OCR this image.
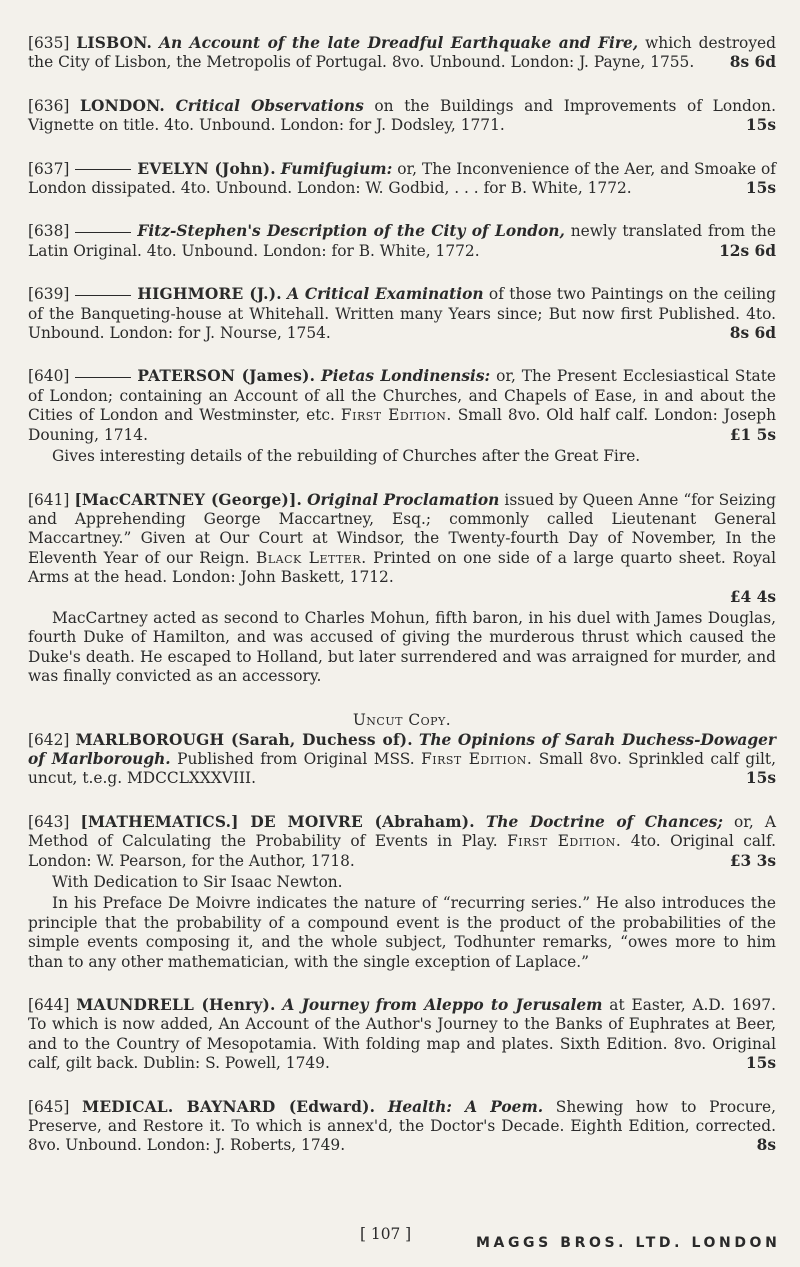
[635] LISBON. An Account of the late Dreadful Earthquake and Fire, which destroyed the City of Lisbon, the Metropolis of Portugal. 8vo. Unbound. London: J. Payne, 1755. 8s 6d
[636] LONDON. Critical Observations on the Buildings and Improvements of London. Vignette on title. 4to. Unbound. London: for J. Dodsley, 1771.	15s
[637]	EVELYN (John). Fumifugium: or, The Inconvenience of the Aer, and Smoake of London dissipated. 4to. Unbound. London: W. Godbid, . . . for B. White, 1772.	15s
[638]	Fitz-Stephen's Description of the City of London, newly translated from the Latin Original. 4to. Unbound. London: for B. White, 1772.	12s 6d
[639]	HIGHMORE (J.). A Critical Examination of those two Paintings on the ceiling of the Banqueting-house at Whitehall. Written many Years since; But now first Published. 4to. Unbound. London: for J. Nourse, 1754.	8s 6d
[640]	PATERSON (James). Pietas Londinensis: or, The Present Ecclesiastical State of London; containing an Account of all the Churches, and Chapels of Ease, in and about the Cities of London and Westminster, etc. First Edition. Small 8vo. Old half calf. London: Joseph Douning, 1714.	£1 5s
Gives interesting details of the rebuilding of Churches after the Great Fire.
[641] [MacCARTNEY (George)]. Original Proclamation issued by Queen Anne “for Seizing and Apprehending George Maccartney, Esq.; commonly called Lieutenant General Maccartney.” Given at Our Court at Windsor, the Twenty-fourth Day of November, In the Eleventh Year of our Reign. Black Letter. Printed on one side of a large quarto sheet. Royal Arms at the head. London: John Baskett, 1712.
£4 4s
MacCartney acted as second to Charles Mohun, fifth baron, in his duel with James Douglas, fourth Duke of Hamilton, and was accused of giving the murderous thrust which caused the Duke's death. He escaped to Holland, but later surrendered and was arraigned for murder, and was finally convicted as an accessory.
Uncut Copy.
[642] MARLBOROUGH (Sarah, Duchess of). The Opinions of Sarah Duchess-Dowager of Marlborough. Published from Original MSS. First Edition. Small 8vo. Sprinkled calf gilt, uncut, t.e.g. MDCCLXXXVIII.	15s
[643] [MATHEMATICS.] DE MOIVRE (Abraham). The Doctrine of Chances; or, A Method of Calculating the Probability of Events in Play. First Edition. 4to. Original calf. London: W. Pearson, for the Author, 1718.	£3 3s
With Dedication to Sir Isaac Newton.
In his Preface De Moivre indicates the nature of “recurring series.” He also introduces the principle that the probability of a compound event is the product of the probabilities of the simple events composing it, and the whole subject, Todhunter remarks, “owes more to him than to any other mathematician, with the single exception of Laplace.”
[644] MAUNDRELL (Henry). A Journey from Aleppo to Jerusalem at Easter, A.D. 1697. To which is now added, An Account of the Author's Journey to the Banks of Euphrates at Beer, and to the Country of Mesopotamia. With folding map and plates. Sixth Edition. 8vo. Original calf, gilt back. Dublin: S. Powell, 1749.	15s
[645] MEDICAL. BAYNARD (Edward). Health: A Poem. Shewing how to Procure, Preserve, and Restore it. To which is annex'd, the Doctor's Decade. Eighth Edition, corrected. 8vo. Unbound. London: J. Roberts, 1749.	8s
[ 107 ]	MAGGS BROS. LTD. LONDON
